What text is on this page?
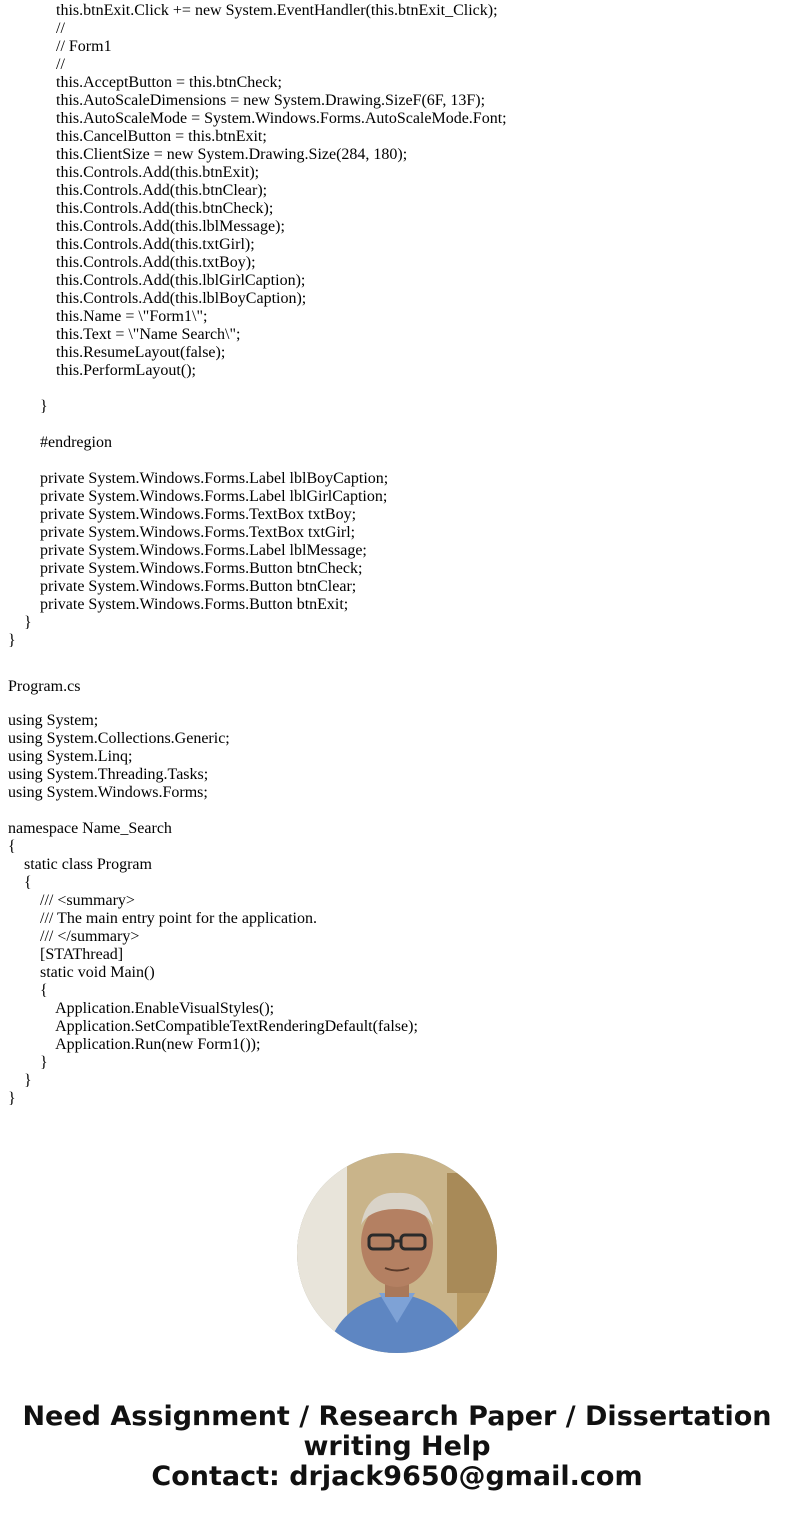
this.btnExit.Click += new System.EventHandler(this.btnExit_Click);
//
// Form1
//
this.AcceptButton = this.btnCheck;
this.AutoScaleDimensions = new System.Drawing.SizeF(6F, 13F);
this.AutoScaleMode = System.Windows.Forms.AutoScaleMode.Font;
this.CancelButton = this.btnExit;
this.ClientSize = new System.Drawing.Size(284, 180);
this.Controls.Add(this.btnExit);
this.Controls.Add(this.btnClear);
this.Controls.Add(this.btnCheck);
this.Controls.Add(this.lblMessage);
this.Controls.Add(this.txtGirl);
this.Controls.Add(this.txtBoy);
this.Controls.Add(this.lblGirlCaption);
this.Controls.Add(this.lblBoyCaption);
this.Name = \"Form1\";
this.Text = \"Name Search\";
this.ResumeLayout(false);
this.PerformLayout();
}
#endregion
private System.Windows.Forms.Label lblBoyCaption;
private System.Windows.Forms.Label lblGirlCaption;
private System.Windows.Forms.TextBox txtBoy;
private System.Windows.Forms.TextBox txtGirl;
private System.Windows.Forms.Label lblMessage;
private System.Windows.Forms.Button btnCheck;
private System.Windows.Forms.Button btnClear;
private System.Windows.Forms.Button btnExit;
}
}
Program.cs
using System;
using System.Collections.Generic;
using System.Linq;
using System.Threading.Tasks;
using System.Windows.Forms;
namespace Name_Search
{
static class Program
{
/// <summary>
/// The main entry point for the application.
/// </summary>
[STAThread]
static void Main()
{
Application.EnableVisualStyles();
Application.SetCompatibleTextRenderingDefault(false);
Application.Run(new Form1());
}
}
}
Need Assignment / Research Paper / Dissertation
writing Help
Contact: drjack9650@gmail.com
